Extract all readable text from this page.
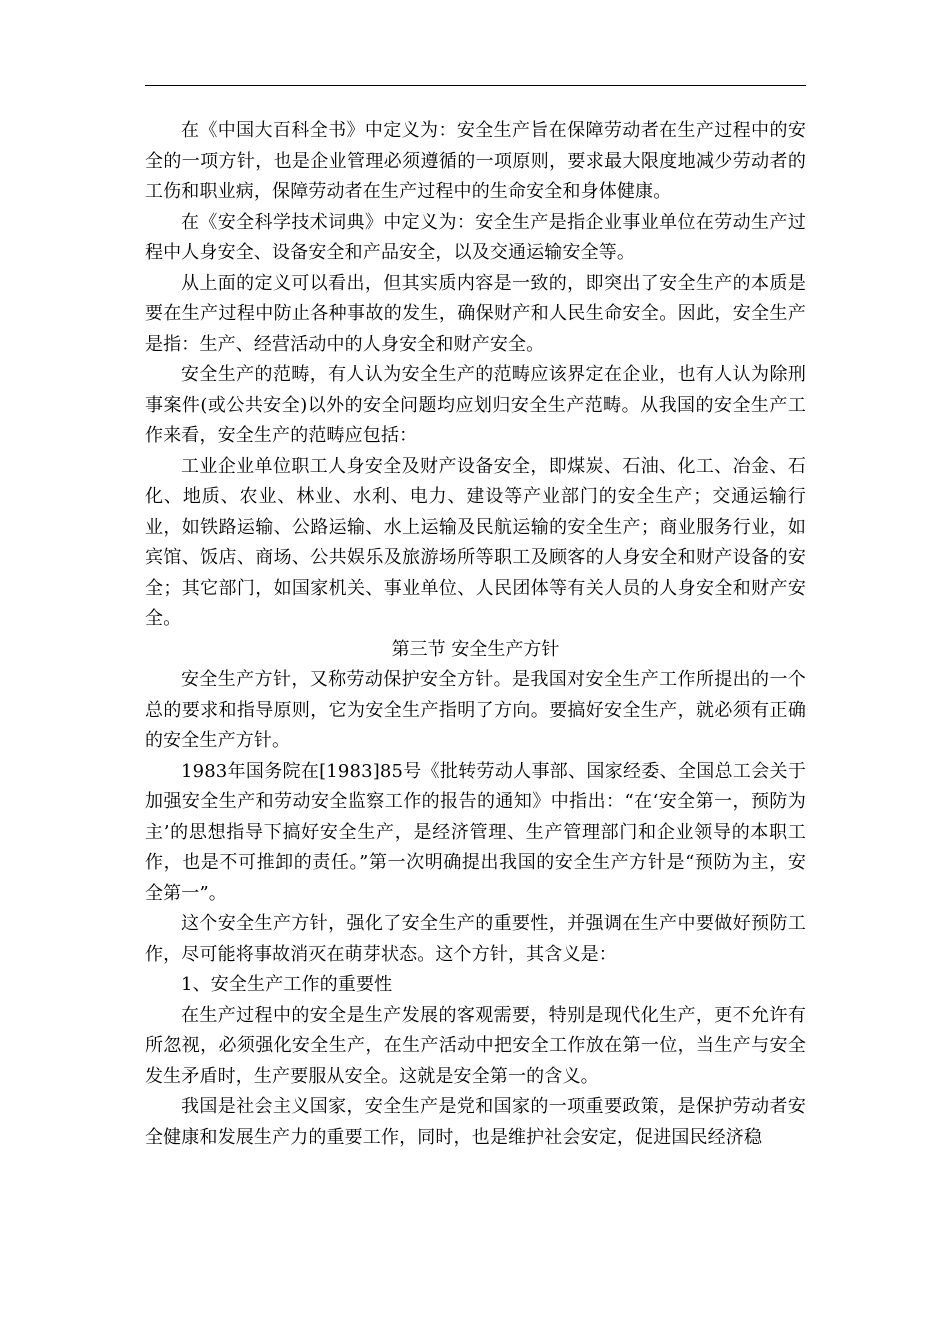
在《中国大百科全书》中定义为：安全生产旨在保障劳动者在生产过程中的安全的一项方针，也是企业管理必须遵循的一项原则，要求最大限度地减少劳动者的工伤和职业病，保障劳动者在生产过程中的生命安全和身体健康。

在《安全科学技术词典》中定义为：安全生产是指企业事业单位在劳动生产过程中人身安全、设备安全和产品安全，以及交通运输安全等。

从上面的定义可以看出，但其实质内容是一致的，即突出了安全生产的本质是要在生产过程中防止各种事故的发生，确保财产和人民生命安全。因此，安全生产是指：生产、经营活动中的人身安全和财产安全。

安全生产的范畴，有人认为安全生产的范畴应该界定在企业，也有人认为除刑事案件(或公共安全)以外的安全问题均应划归安全生产范畴。从我国的安全生产工作来看，安全生产的范畴应包括：

工业企业单位职工人身安全及财产设备安全，即煤炭、石油、化工、冶金、石化、地质、农业、林业、水利、电力、建设等产业部门的安全生产；交通运输行业，如铁路运输、公路运输、水上运输及民航运输的安全生产；商业服务行业，如宾馆、饭店、商场、公共娱乐及旅游场所等职工及顾客的人身安全和财产设备的安全；其它部门，如国家机关、事业单位、人民团体等有关人员的人身安全和财产安全。

第三节 安全生产方针

安全生产方针，又称劳动保护安全方针。是我国对安全生产工作所提出的一个总的要求和指导原则，它为安全生产指明了方向。要搞好安全生产，就必须有正确的安全生产方针。

1983年国务院在[1983]85号《批转劳动人事部、国家经委、全国总工会关于加强安全生产和劳动安全监察工作的报告的通知》中指出：“在‘安全第一，预防为主’的思想指导下搞好安全生产，是经济管理、生产管理部门和企业领导的本职工作，也是不可推卸的责任。”第一次明确提出我国的安全生产方针是“预防为主，安全第一”。

这个安全生产方针，强化了安全生产的重要性，并强调在生产中要做好预防工作，尽可能将事故消灭在萌芽状态。这个方针，其含义是：

1、安全生产工作的重要性

在生产过程中的安全是生产发展的客观需要，特别是现代化生产，更不允许有所忽视，必须强化安全生产，在生产活动中把安全工作放在第一位，当生产与安全发生矛盾时，生产要服从安全。这就是安全第一的含义。

我国是社会主义国家，安全生产是党和国家的一项重要政策，是保护劳动者安全健康和发展生产力的重要工作，同时，也是维护社会安定，促进国民经济稳
